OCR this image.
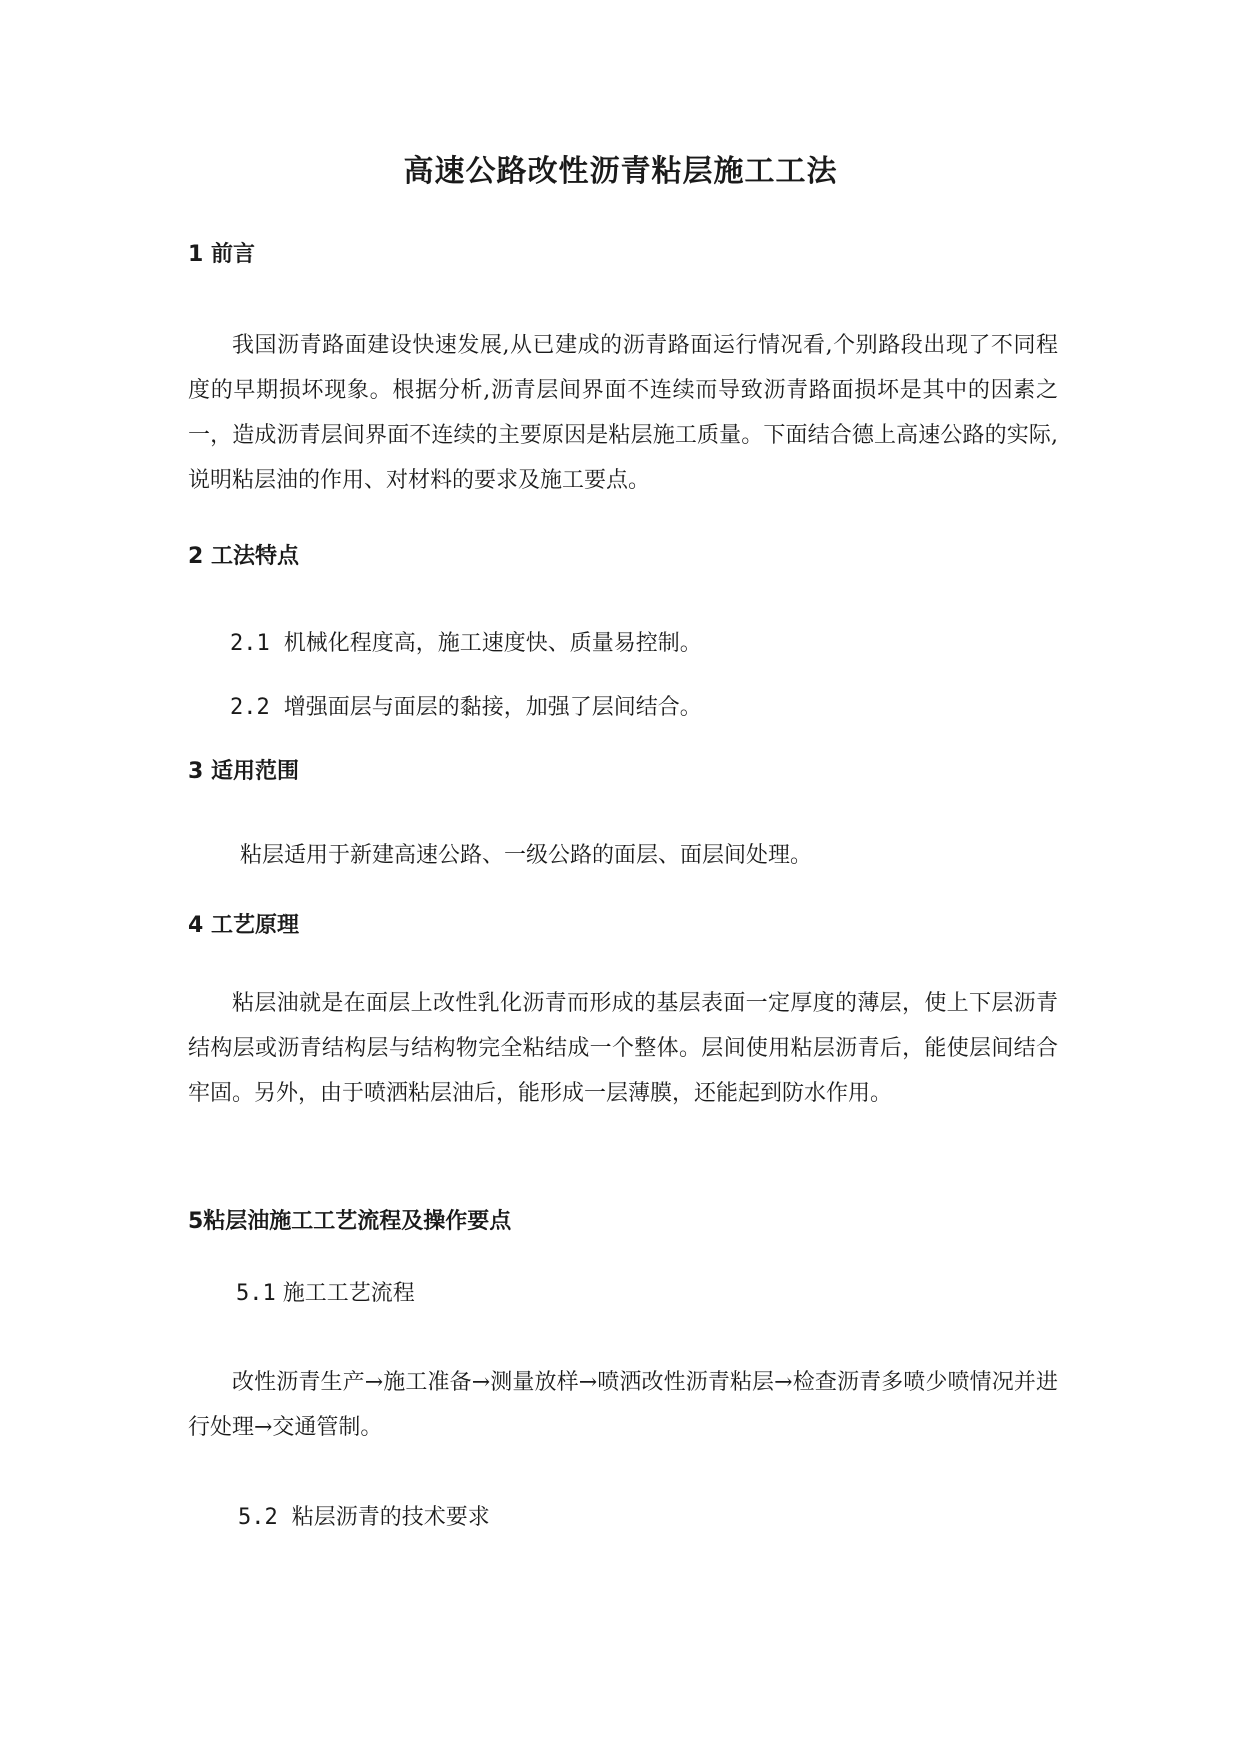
高速公路改性沥青粘层施工工法
1 前言

我国沥青路面建设快速发展,从已建成的沥青路面运行情况看,个别路段出现了不同程度的早期损坏现象。根据分析,沥青层间界面不连续而导致沥青路面损坏是其中的因素之一，造成沥青层间界面不连续的主要原因是粘层施工质量。下面结合德上高速公路的实际,说明粘层油的作用、对材料的要求及施工要点。

2 工法特点
2.1 机械化程度高，施工速度快、质量易控制。
2.2 增强面层与面层的黏接，加强了层间结合。
3 适用范围
粘层适用于新建高速公路、一级公路的面层、面层间处理。
4 工艺原理

粘层油就是在面层上改性乳化沥青而形成的基层表面一定厚度的薄层，使上下层沥青结构层或沥青结构层与结构物完全粘结成一个整体。层间使用粘层沥青后，能使层间结合牢固。另外，由于喷洒粘层油后，能形成一层薄膜，还能起到防水作用。

5粘层油施工工艺流程及操作要点
5.1 施工工艺流程

改性沥青生产→施工准备→测量放样→喷洒改性沥青粘层→检查沥青多喷少喷情况并进行处理→交通管制。

5.2 粘层沥青的技术要求
